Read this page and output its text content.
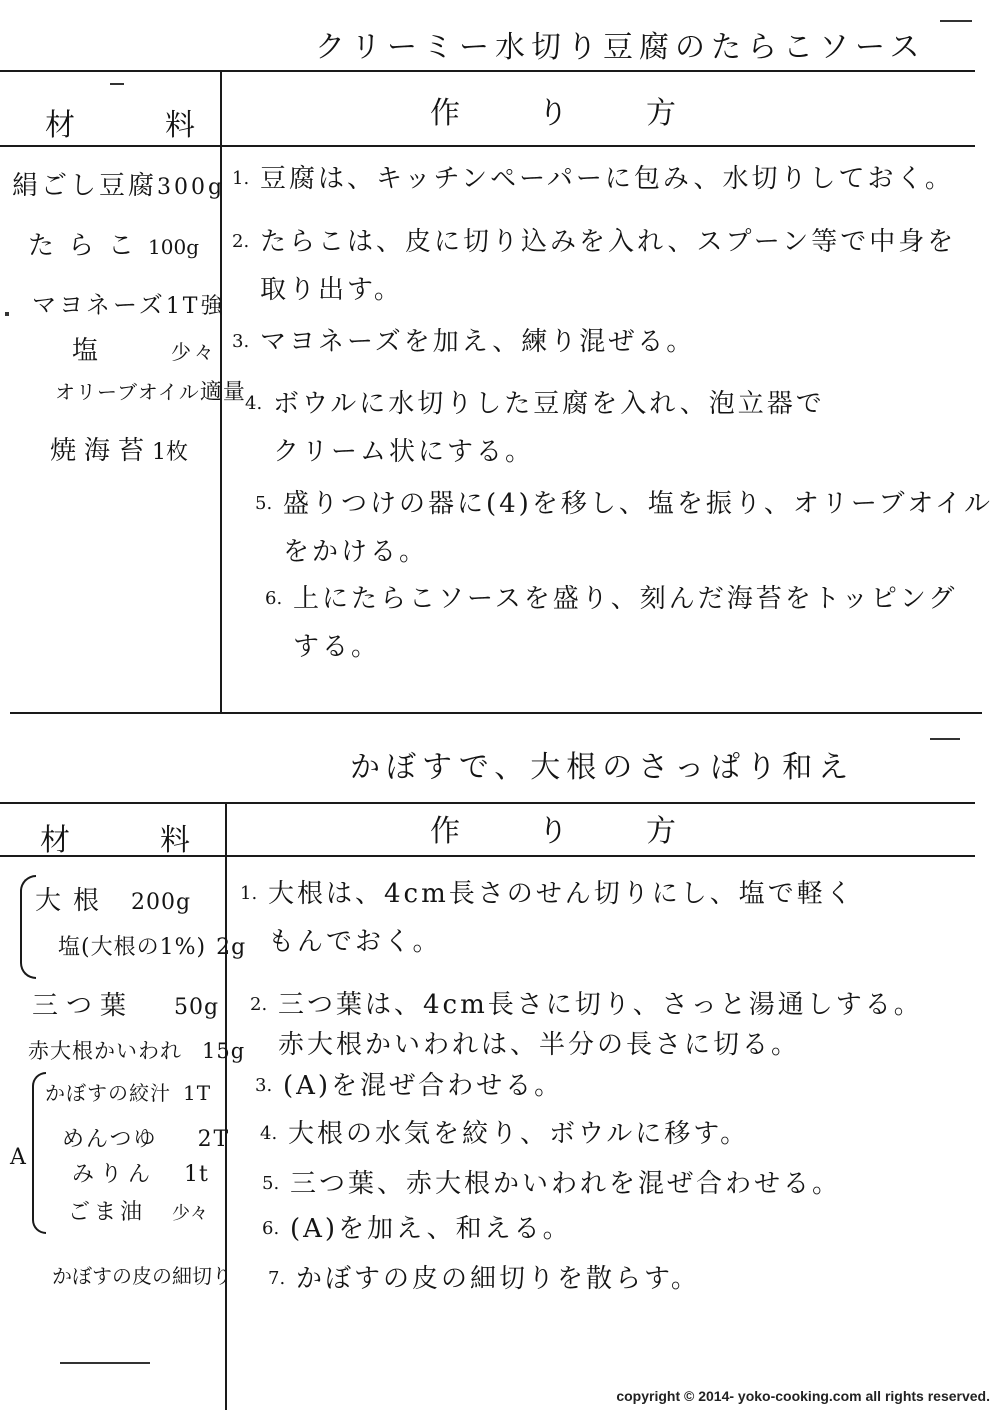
クリーミー水切り豆腐のたらこソース
材　料	作　り　方
絹ごし豆腐300g
たらこ100g
マヨネーズ1T強
塩	少々
オリーブオイル適量
焼海苔1枚
1. 豆腐は、キッチンペーパーに包み、水切りしておく。
2. たらこは、皮に切り込みを入れ、スプーン等で中身を
取り出す。
3. マヨネーズを加え、練り混ぜる。
4. ボウルに水切りした豆腐を入れ、泡立器で
クリーム状にする。
5. 盛りつけの器に(4)を移し、塩を振り、オリーブオイル
をかける。
6. 上にたらこソースを盛り、刻んだ海苔をトッピング
する。
かぼすで、大根のさっぱり和え
材　料	作　り　方
大根 200g
塩(大根の1%) 2g
三つ葉 50g
赤大根かいわれ 15g
A
かぼすの絞汁 1T
めんつゆ 2T
みりん 1t
ごま油 少々
かぼすの皮の細切り
1. 大根は、4cm長さのせん切りにし、塩で軽く
もんでおく。
2. 三つ葉は、4cm長さに切り、さっと湯通しする。
赤大根かいわれは、半分の長さに切る。
3. (A)を混ぜ合わせる。
4. 大根の水気を絞り、ボウルに移す。
5. 三つ葉、赤大根かいわれを混ぜ合わせる。
6. (A)を加え、和える。
7. かぼすの皮の細切りを散らす。
copyright © 2014- yoko-cooking.com all rights reserved.
